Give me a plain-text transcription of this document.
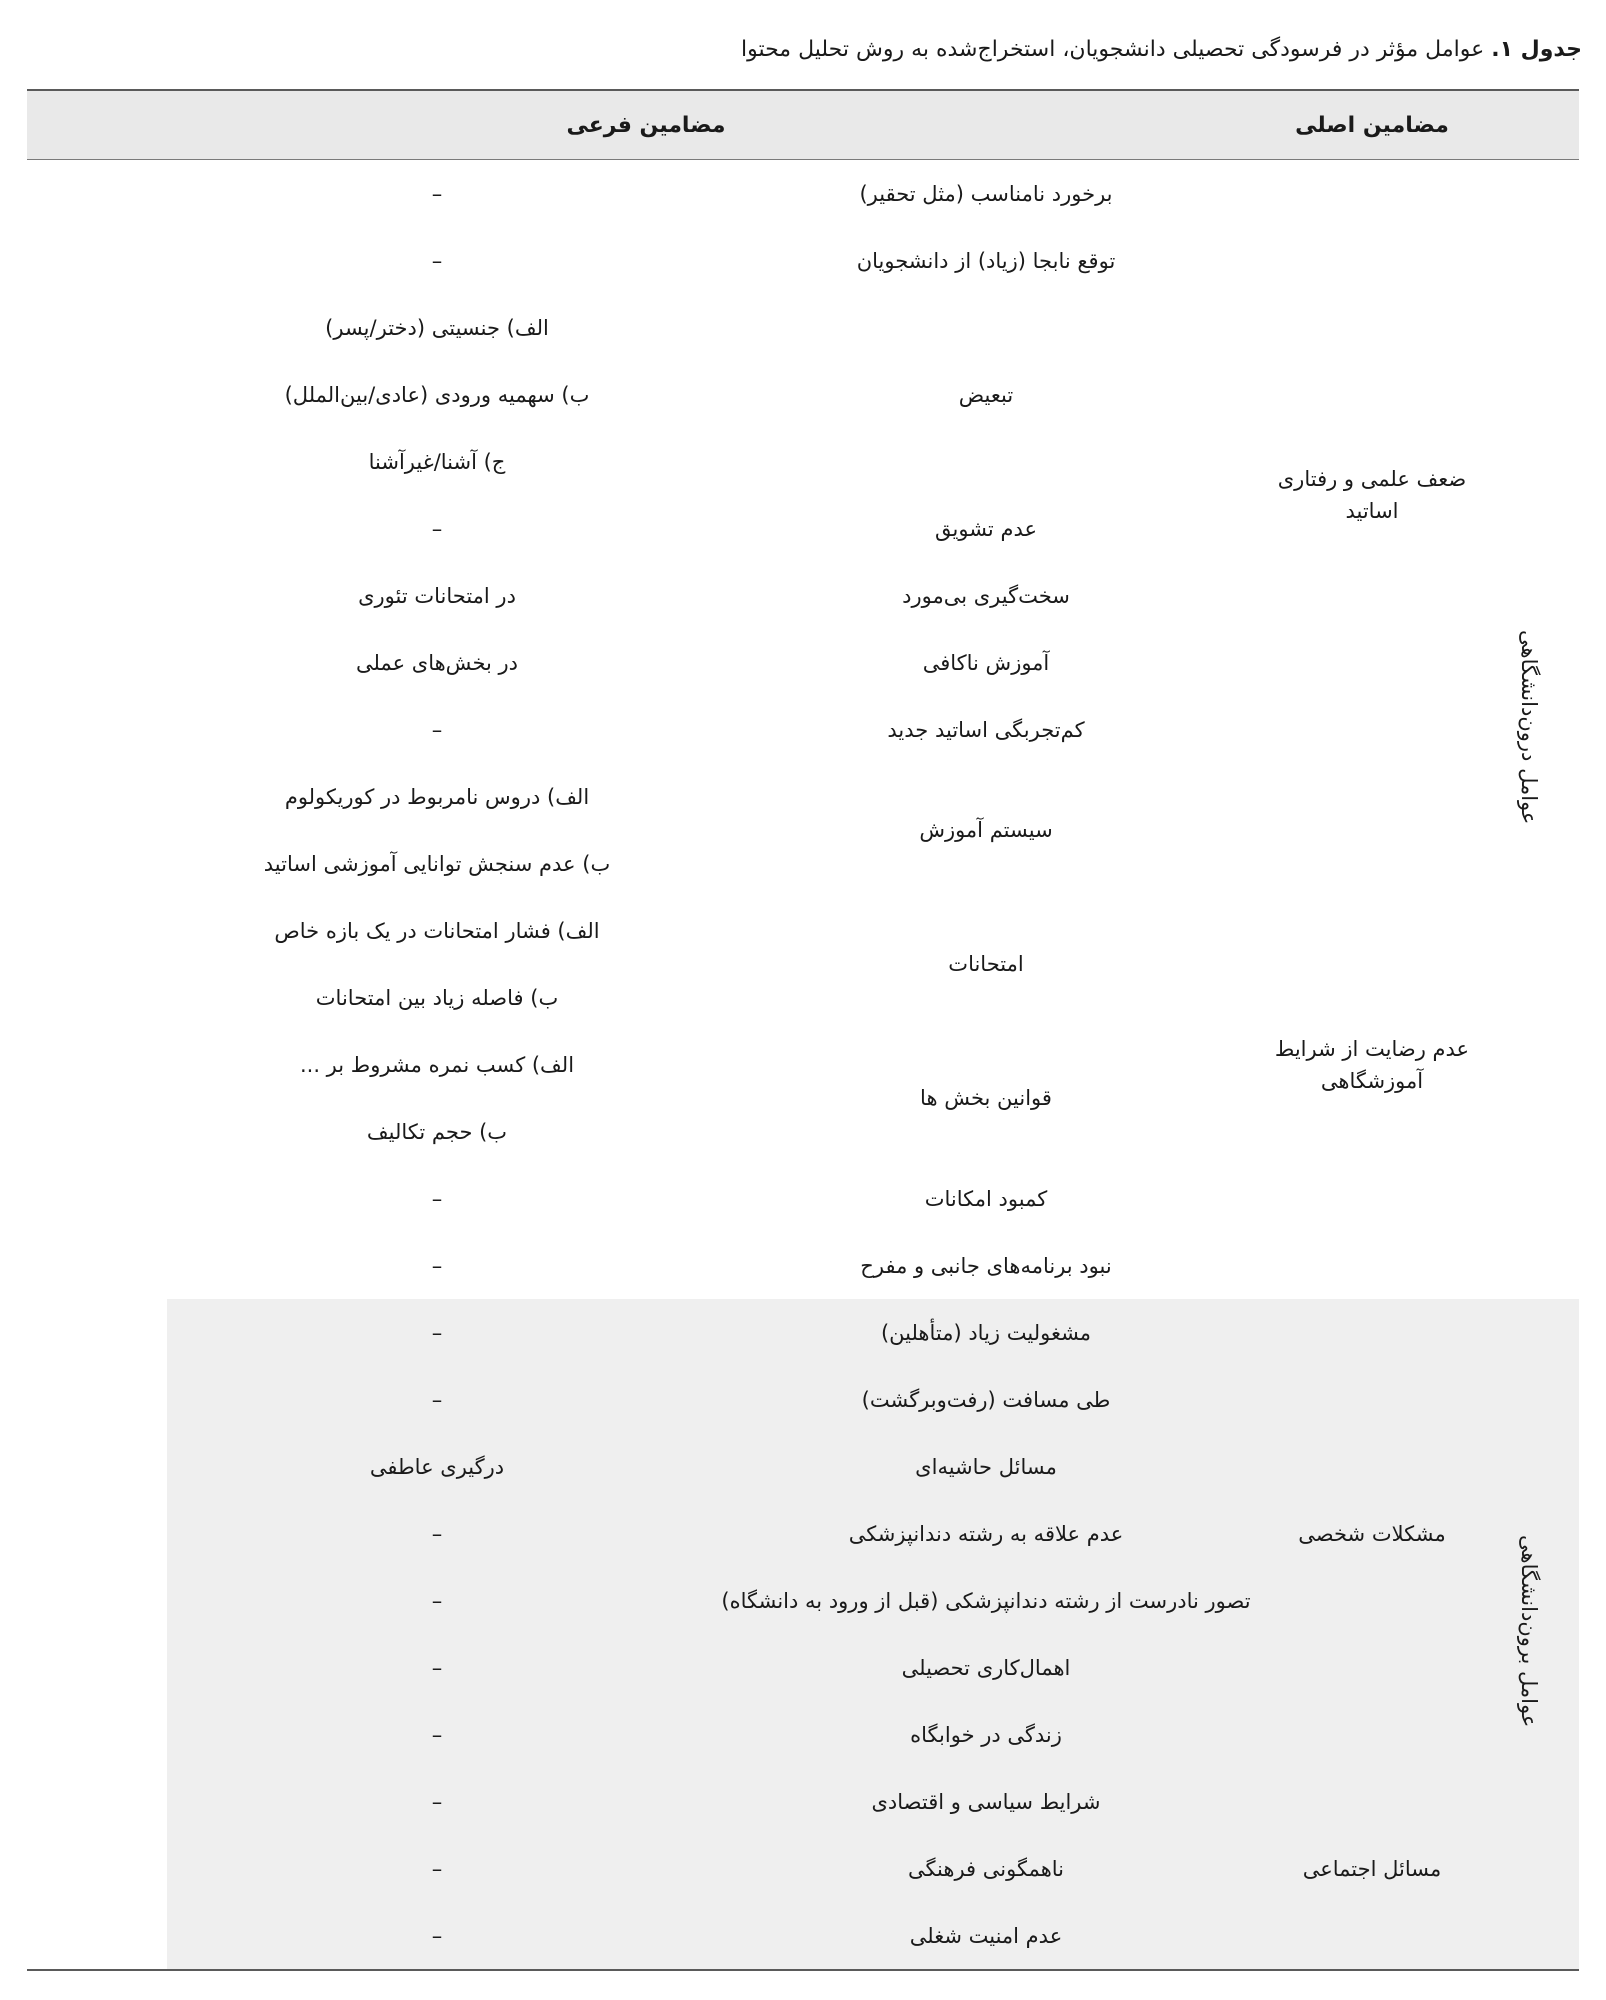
جدول ۱. عوامل مؤثر در فرسودگی تحصیلی دانشجویان، استخراج‌شده به روش تحلیل محتوا
	مضامین اصلی	مضامین فرعی		
عوامل درون‌دانشگاهی	ضعف علمی و رفتاری اساتید	برخورد نامناسب (مثل تحقیر)	–	
		توقع نابجا (زیاد) از دانشجویان	–	
		تبعیض	الف) جنسیتی (دختر/پسر)	
			ب) سهمیه ورودی (عادی/بین‌الملل)	
			ج) آشنا/غیرآشنا	
		عدم تشویق	–	
		سخت‌گیری بی‌مورد	در امتحانات تئوری	
		آموزش ناکافی	در بخش‌های عملی	
		کم‌تجربگی اساتید جدید	–	
		سیستم آموزش	الف) دروس نامربوط در کوریکولوم	
	عدم رضایت از شرایط آموزشگاهی		ب) عدم سنجش توانایی آموزشی اساتید	
		امتحانات	الف) فشار امتحانات در یک بازه خاص	
			ب) فاصله زیاد بین امتحانات	
		قوانین بخش ها	الف) کسب نمره مشروط بر ...	
			ب) حجم تکالیف	
		کمبود امکانات	–	
		نبود برنامه‌های جانبی و مفرح	–	
عوامل برون‌دانشگاهی	مشکلات شخصی	مشغولیت زیاد (متأهلین)	–	
		طی مسافت (رفت‌وبرگشت)	–	
		مسائل حاشیه‌ای	درگیری عاطفی	
		عدم علاقه به رشته دندانپزشکی	–	
		تصور نادرست از رشته دندانپزشکی (قبل از ورود به دانشگاه)	–	
		اهمال‌کاری تحصیلی	–	
		زندگی در خوابگاه	–	
	مسائل اجتماعی	شرایط سیاسی و اقتصادی	–	
		ناهمگونی فرهنگی	–	
		عدم امنیت شغلی	–	
